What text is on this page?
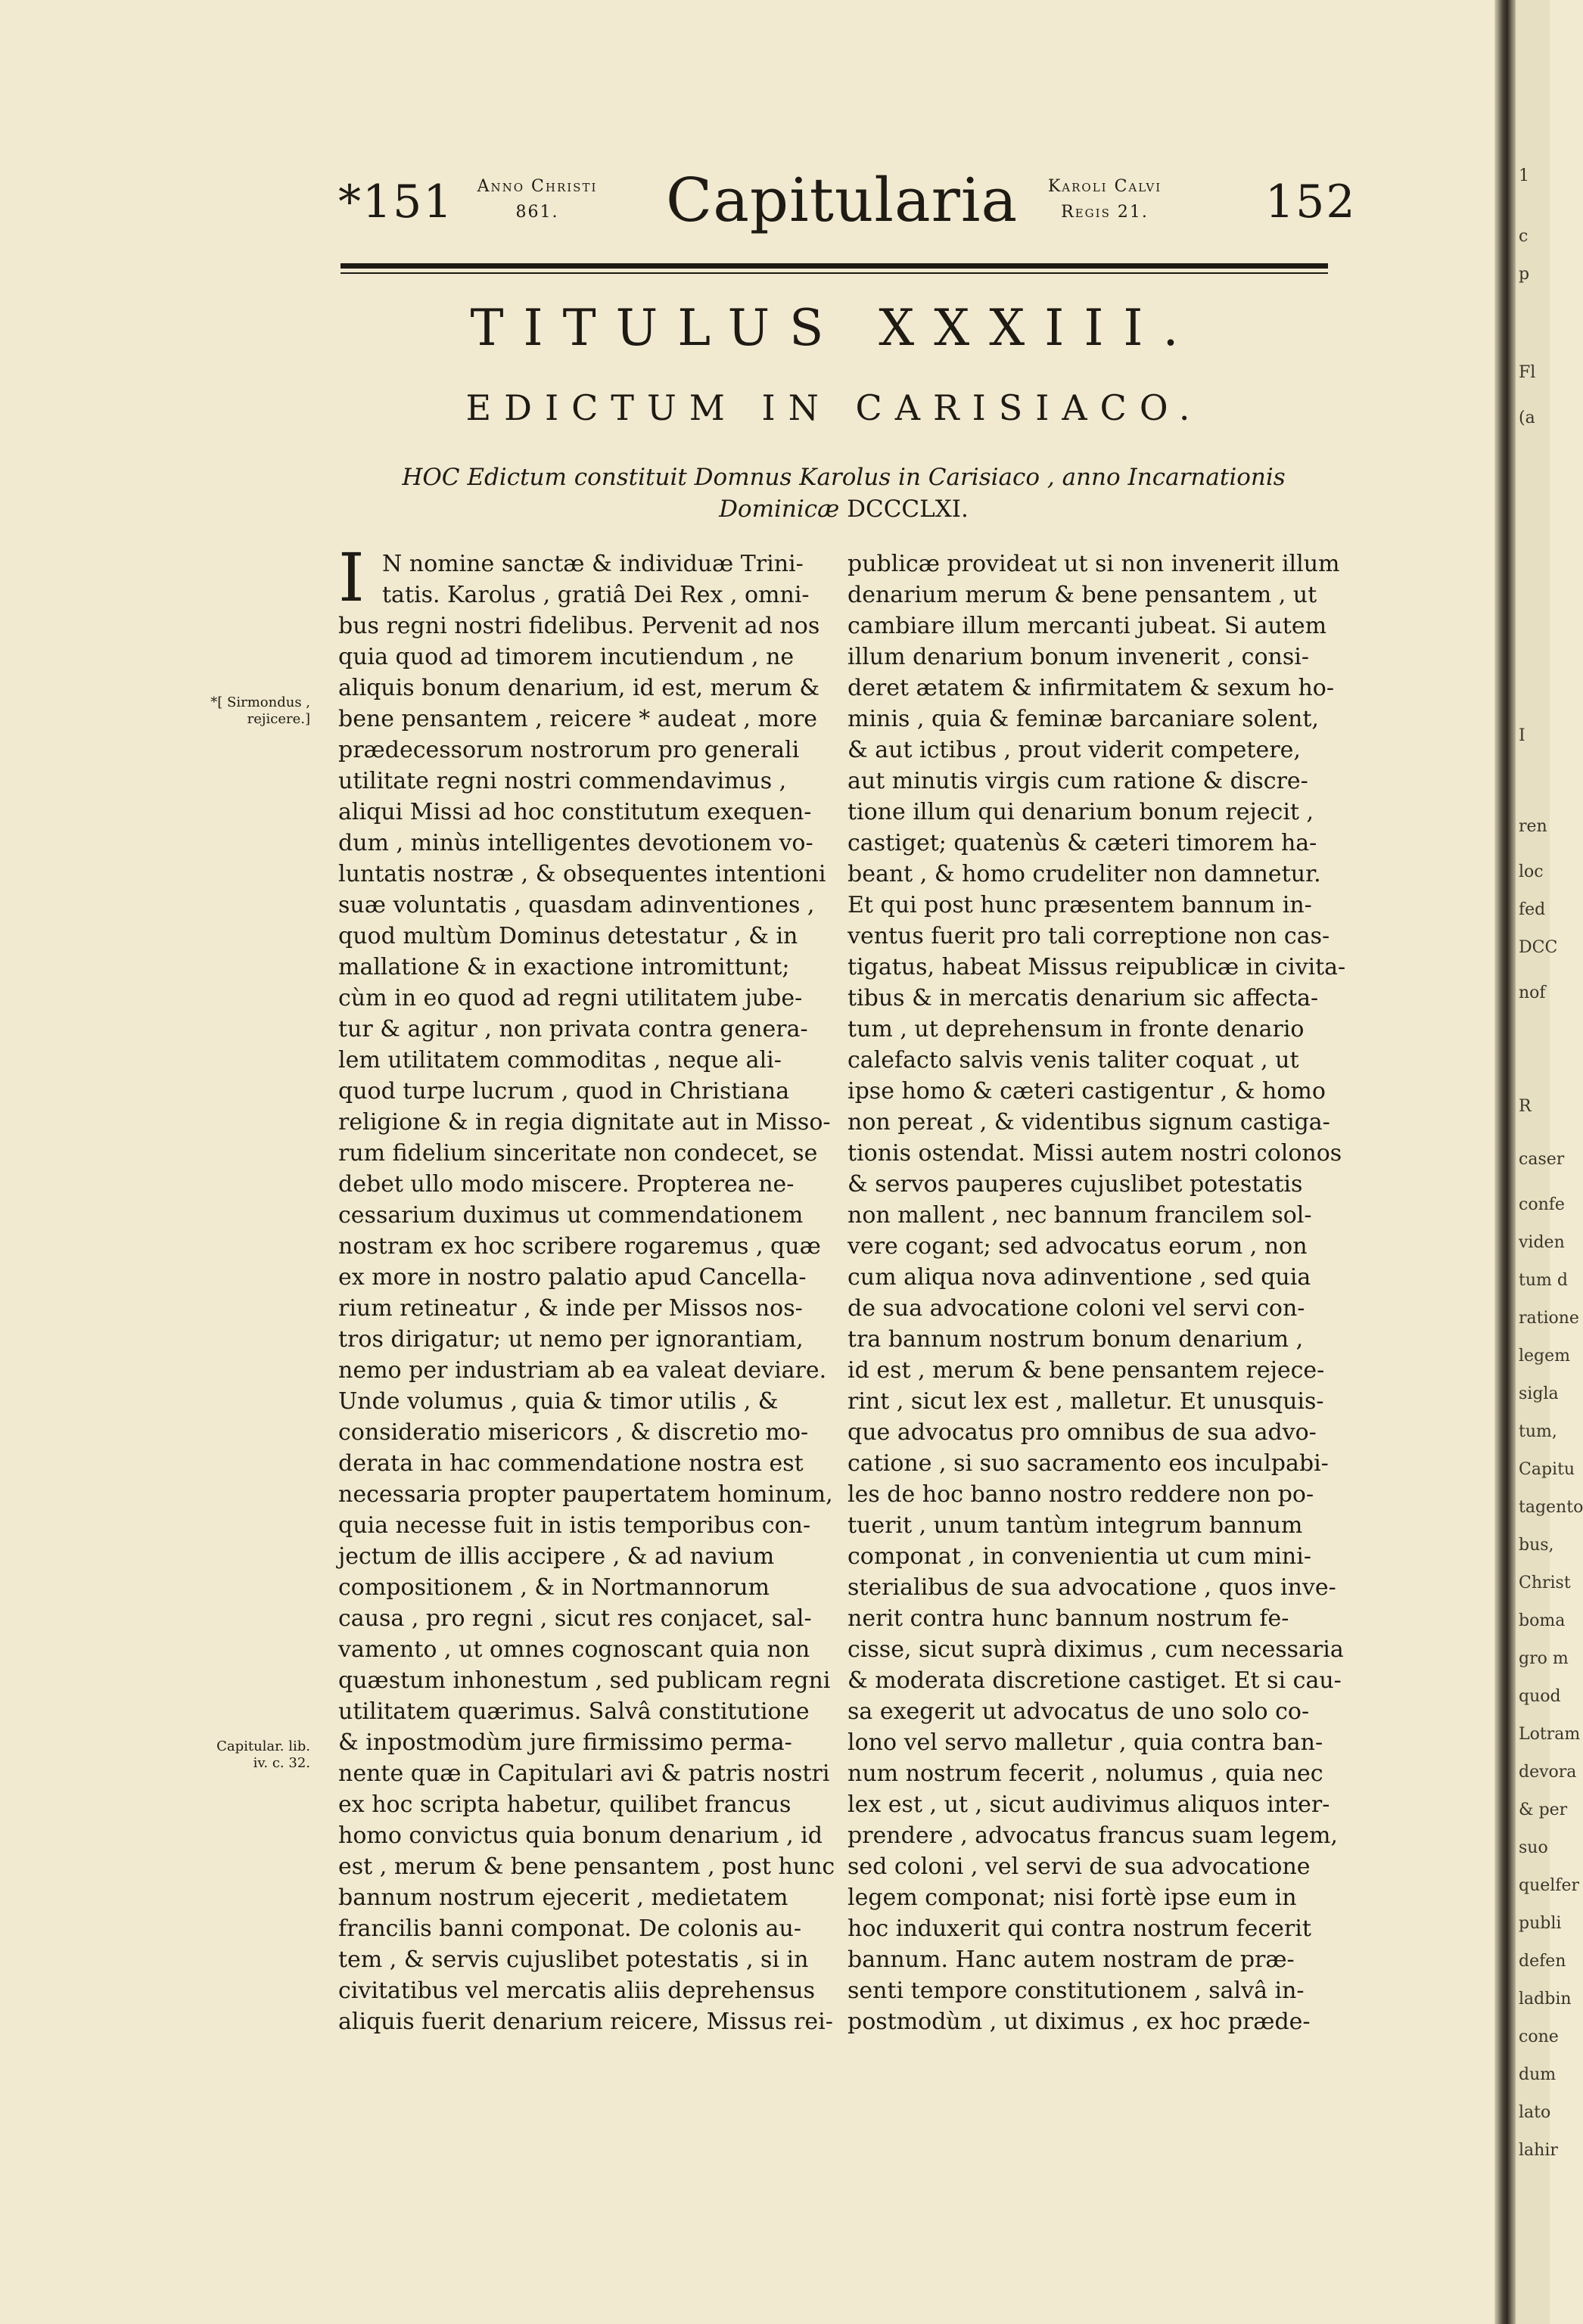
*151	Anno Christi
861.	Capitularia	Karoli Calvi
Regis 21.	152
TITULUS XXXIII.
EDICTUM IN CARISIACO.
HOC Edictum constituit Domnus Karolus in Carisiaco , anno Incarnationis Dominicæ DCCCLXI.
I
*[ Sirmondus , rejicere.]
Capitular. lib. iv. c. 32.
N nomine sanctæ & individuæ Trini-
tatis. Karolus , gratiâ Dei Rex , omni-
bus regni nostri fidelibus. Pervenit ad nos
quia quod ad timorem incutiendum , ne
aliquis bonum denarium, id est, merum &
bene pensantem , reicere * audeat , more
prædecessorum nostrorum pro generali
utilitate regni nostri commendavimus ,
aliqui Missi ad hoc constitutum exequen-
dum , minùs intelligentes devotionem vo-
luntatis nostræ , & obsequentes intentioni
suæ voluntatis , quasdam adinventiones ,
quod multùm Dominus detestatur , & in
mallatione & in exactione intromittunt;
cùm in eo quod ad regni utilitatem jube-
tur & agitur , non privata contra genera-
lem utilitatem commoditas , neque ali-
quod turpe lucrum , quod in Christiana
religione & in regia dignitate aut in Misso-
rum fidelium sinceritate non condecet, se
debet ullo modo miscere. Propterea ne-
cessarium duximus ut commendationem
nostram ex hoc scribere rogaremus , quæ
ex more in nostro palatio apud Cancella-
rium retineatur , & inde per Missos nos-
tros dirigatur; ut nemo per ignorantiam,
nemo per industriam ab ea valeat deviare.
Unde volumus , quia & timor utilis , &
consideratio misericors , & discretio mo-
derata in hac commendatione nostra est
necessaria propter paupertatem hominum,
quia necesse fuit in istis temporibus con-
jectum de illis accipere , & ad navium
compositionem , & in Nortmannorum
causa , pro regni , sicut res conjacet, sal-
vamento , ut omnes cognoscant quia non
quæstum inhonestum , sed publicam regni
utilitatem quærimus. Salvâ constitutione
& inpostmodùm jure firmissimo perma-
nente quæ in Capitulari avi & patris nostri
ex hoc scripta habetur, quilibet francus
homo convictus quia bonum denarium , id
est , merum & bene pensantem , post hunc
bannum nostrum ejecerit , medietatem
francilis banni componat. De colonis au-
tem , & servis cujuslibet potestatis , si in
civitatibus vel mercatis aliis deprehensus
aliquis fuerit denarium reicere, Missus rei-
publicæ provideat ut si non invenerit illum
denarium merum & bene pensantem , ut
cambiare illum mercanti jubeat. Si autem
illum denarium bonum invenerit , consi-
deret ætatem & infirmitatem & sexum ho-
minis , quia & feminæ barcaniare solent,
& aut ictibus , prout viderit competere,
aut minutis virgis cum ratione & discre-
tione illum qui denarium bonum rejecit ,
castiget; quatenùs & cæteri timorem ha-
beant , & homo crudeliter non damnetur.
Et qui post hunc præsentem bannum in-
ventus fuerit pro tali correptione non cas-
tigatus, habeat Missus reipublicæ in civita-
tibus & in mercatis denarium sic affecta-
tum , ut deprehensum in fronte denario
calefacto salvis venis taliter coquat , ut
ipse homo & cæteri castigentur , & homo
non pereat , & videntibus signum castiga-
tionis ostendat. Missi autem nostri colonos
& servos pauperes cujuslibet potestatis
non mallent , nec bannum francilem sol-
vere cogant; sed advocatus eorum , non
cum aliqua nova adinventione , sed quia
de sua advocatione coloni vel servi con-
tra bannum nostrum bonum denarium ,
id est , merum & bene pensantem rejece-
rint , sicut lex est , malletur. Et unusquis-
que advocatus pro omnibus de sua advo-
catione , si suo sacramento eos inculpabi-
les de hoc banno nostro reddere non po-
tuerit , unum tantùm integrum bannum
componat , in convenientia ut cum mini-
sterialibus de sua advocatione , quos inve-
nerit contra hunc bannum nostrum fe-
cisse, sicut suprà diximus , cum necessaria
& moderata discretione castiget. Et si cau-
sa exegerit ut advocatus de uno solo co-
lono vel servo malletur , quia contra ban-
num nostrum fecerit , nolumus , quia nec
lex est , ut , sicut audivimus aliquos inter-
prendere , advocatus francus suam legem,
sed coloni , vel servi de sua advocatione
legem componat; nisi fortè ipse eum in
hoc induxerit qui contra nostrum fecerit
bannum. Hanc autem nostram de præ-
senti tempore constitutionem , salvâ in-
postmodùm , ut diximus , ex hoc præde-
1
c
p
Fl
(a
I
ren
loc
fed
DCC
nof
R
caser
confe
viden
tum d
ratione
legem
sigla
tum,
Capitu
tagento
bus,
Christ
boma
gro m
quod
Lotram
devora
& per
suo
quelfer
publi
defen
ladbin
cone
dum
lato
lahir
